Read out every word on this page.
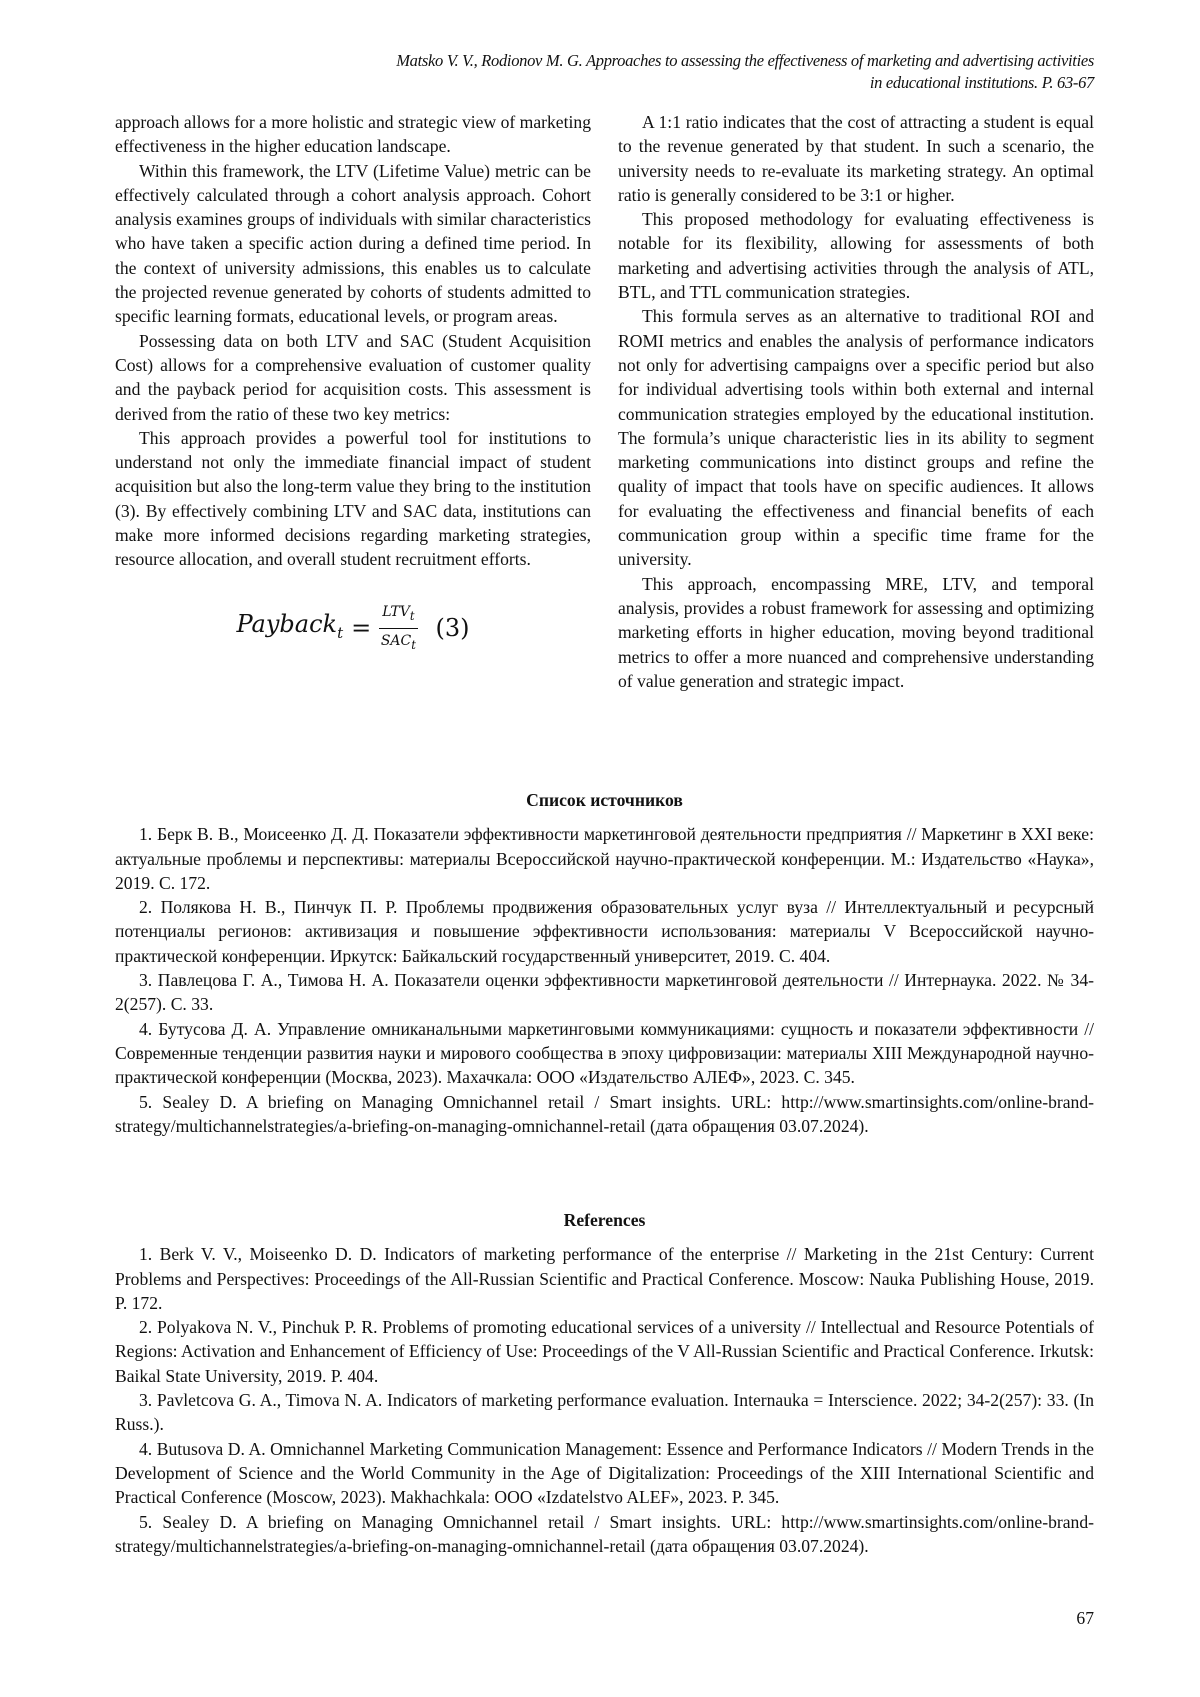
Matsko V. V., Rodionov M. G. Approaches to assessing the effectiveness of marketing and advertising activities
in educational institutions. P. 63-67

approach allows for a more holistic and strategic view of marketing effectiveness in the higher education landscape.

Within this framework, the LTV (Lifetime Value) metric can be effectively calculated through a cohort analysis approach. Cohort analysis examines groups of individuals with similar characteristics who have taken a specific action during a defined time period. In the context of university admissions, this enables us to calculate the projected revenue generated by cohorts of students admitted to specific learning formats, educational levels, or program areas.

Possessing data on both LTV and SAC (Student Acquisition Cost) allows for a comprehensive evaluation of customer quality and the payback period for acquisition costs. This assessment is derived from the ratio of these two key metrics:

This approach provides a powerful tool for institutions to understand not only the immediate financial impact of student acquisition but also the long-term value they bring to the institution (3). By effectively combining LTV and SAC data, institutions can make more informed decisions regarding marketing strategies, resource allocation, and overall student recruitment efforts.

Paybackt =
LTVt
SACt
(3)

A 1:1 ratio indicates that the cost of attracting a student is equal to the revenue generated by that student. In such a scenario, the university needs to re-evaluate its marketing strategy. An optimal ratio is generally considered to be 3:1 or higher.

This proposed methodology for evaluating effectiveness is notable for its flexibility, allowing for assessments of both marketing and advertising activities through the analysis of ATL, BTL, and TTL communication strategies.

This formula serves as an alternative to traditional ROI and ROMI metrics and enables the analysis of performance indicators not only for advertising campaigns over a specific period but also for individual advertising tools within both external and internal communication strategies employed by the educational institution. The formula’s unique characteristic lies in its ability to segment marketing communications into distinct groups and refine the quality of impact that tools have on specific audiences. It allows for evaluating the effectiveness and financial benefits of each communication group within a specific time frame for the university.

This approach, encompassing MRE, LTV, and temporal analysis, provides a robust framework for assessing and optimizing marketing efforts in higher education, moving beyond traditional metrics to offer a more nuanced and comprehensive understanding of value generation and strategic impact.

Список источников

1. Берк В. В., Моисеенко Д. Д. Показатели эффективности маркетинговой деятельности предприятия // Маркетинг в XXI веке: актуальные проблемы и перспективы: материалы Всероссийской научно-практической конференции. М.: Издательство «Наука», 2019. С. 172.

2. Полякова Н. В., Пинчук П. Р. Проблемы продвижения образовательных услуг вуза // Интеллектуальный и ресурсный потенциалы регионов: активизация и повышение эффективности использования: материалы V Всероссийской научно-практической конференции. Иркутск: Байкальский государственный университет, 2019. С. 404.

3. Павлецова Г. А., Тимова Н. А. Показатели оценки эффективности маркетинговой деятельности // Интернаука. 2022. № 34-2(257). С. 33.

4. Бутусова Д. А. Управление омниканальными маркетинговыми коммуникациями: сущность и показатели эффективности // Современные тенденции развития науки и мирового сообщества в эпоху цифровизации: материалы XIII Международной научно-практической конференции (Москва, 2023). Махачкала: ООО «Издательство АЛЕФ», 2023. С. 345.

5. Sealey D. A briefing on Managing Omnichannel retail / Smart insights. URL: http://www.smartinsights.com/online-brand-strategy/multichannelstrategies/a-briefing-on-managing-omnichannel-retail (дата обращения 03.07.2024).

References

1. Berk V. V., Moiseenko D. D. Indicators of marketing performance of the enterprise // Marketing in the 21st Century: Current Problems and Perspectives: Proceedings of the All-Russian Scientific and Practical Conference. Moscow: Nauka Publishing House, 2019. P. 172.

2. Polyakova N. V., Pinchuk P. R. Problems of promoting educational services of a university // Intellectual and Resource Potentials of Regions: Activation and Enhancement of Efficiency of Use: Proceedings of the V All-Russian Scientific and Practical Conference. Irkutsk: Baikal State University, 2019. P. 404.

3. Pavletcova G. A., Timova N. A. Indicators of marketing performance evaluation. Internauka = Interscience. 2022; 34-2(257): 33. (In Russ.).

4. Butusova D. A. Omnichannel Marketing Communication Management: Essence and Performance Indicators // Modern Trends in the Development of Science and the World Community in the Age of Digitalization: Proceedings of the XIII International Scientific and Practical Conference (Moscow, 2023). Makhachkala: OOO «Izdatelstvo ALEF», 2023. P. 345.

5. Sealey D. A briefing on Managing Omnichannel retail / Smart insights. URL: http://www.smartinsights.com/online-brand-strategy/multichannelstrategies/a-briefing-on-managing-omnichannel-retail (дата обращения 03.07.2024).

67
